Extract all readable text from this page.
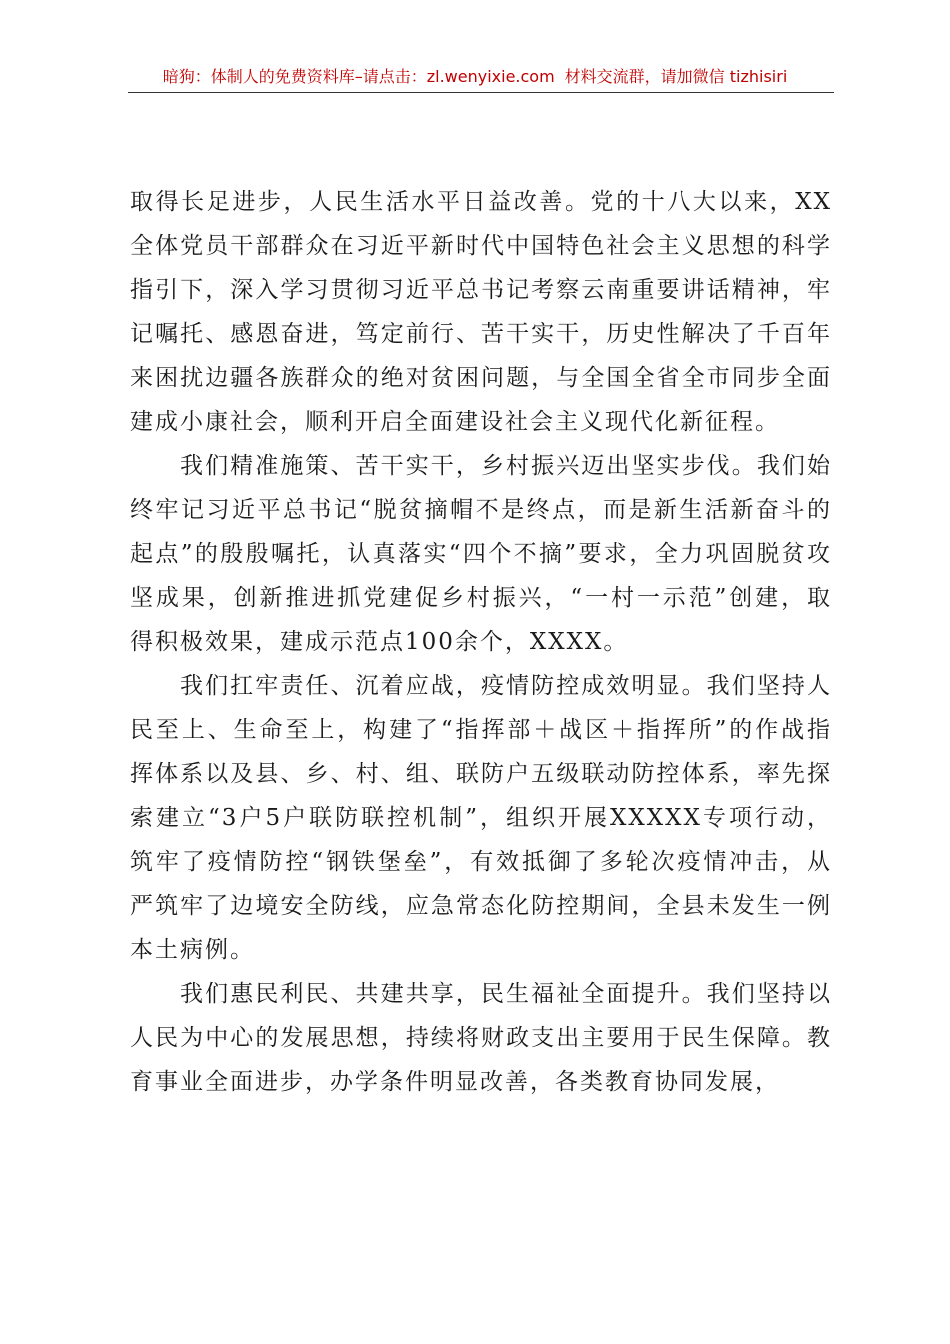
暗狗：体制人的免费资料库–请点击：zl.wenyixie.com 材料交流群，请加微信 tizhisiri

取得长足进步，人民生活水平日益改善。党的十八大以来，XX全体党员干部群众在习近平新时代中国特色社会主义思想的科学指引下，深入学习贯彻习近平总书记考察云南重要讲话精神，牢记嘱托、感恩奋进，笃定前行、苦干实干，历史性解决了千百年来困扰边疆各族群众的绝对贫困问题，与全国全省全市同步全面建成小康社会，顺利开启全面建设社会主义现代化新征程。

我们精准施策、苦干实干，乡村振兴迈出坚实步伐。我们始终牢记习近平总书记“脱贫摘帽不是终点，而是新生活新奋斗的起点”的殷殷嘱托，认真落实“四个不摘”要求，全力巩固脱贫攻坚成果，创新推进抓党建促乡村振兴，“一村一示范”创建，取得积极效果，建成示范点100余个，XXXX。

我们扛牢责任、沉着应战，疫情防控成效明显。我们坚持人民至上、生命至上，构建了“指挥部＋战区＋指挥所”的作战指挥体系以及县、乡、村、组、联防户五级联动防控体系，率先探索建立“3户5户联防联控机制”，组织开展XXXXX专项行动，筑牢了疫情防控“钢铁堡垒”，有效抵御了多轮次疫情冲击，从严筑牢了边境安全防线，应急常态化防控期间，全县未发生一例本土病例。

我们惠民利民、共建共享，民生福祉全面提升。我们坚持以人民为中心的发展思想，持续将财政支出主要用于民生保障。教育事业全面进步，办学条件明显改善，各类教育协同发展，
